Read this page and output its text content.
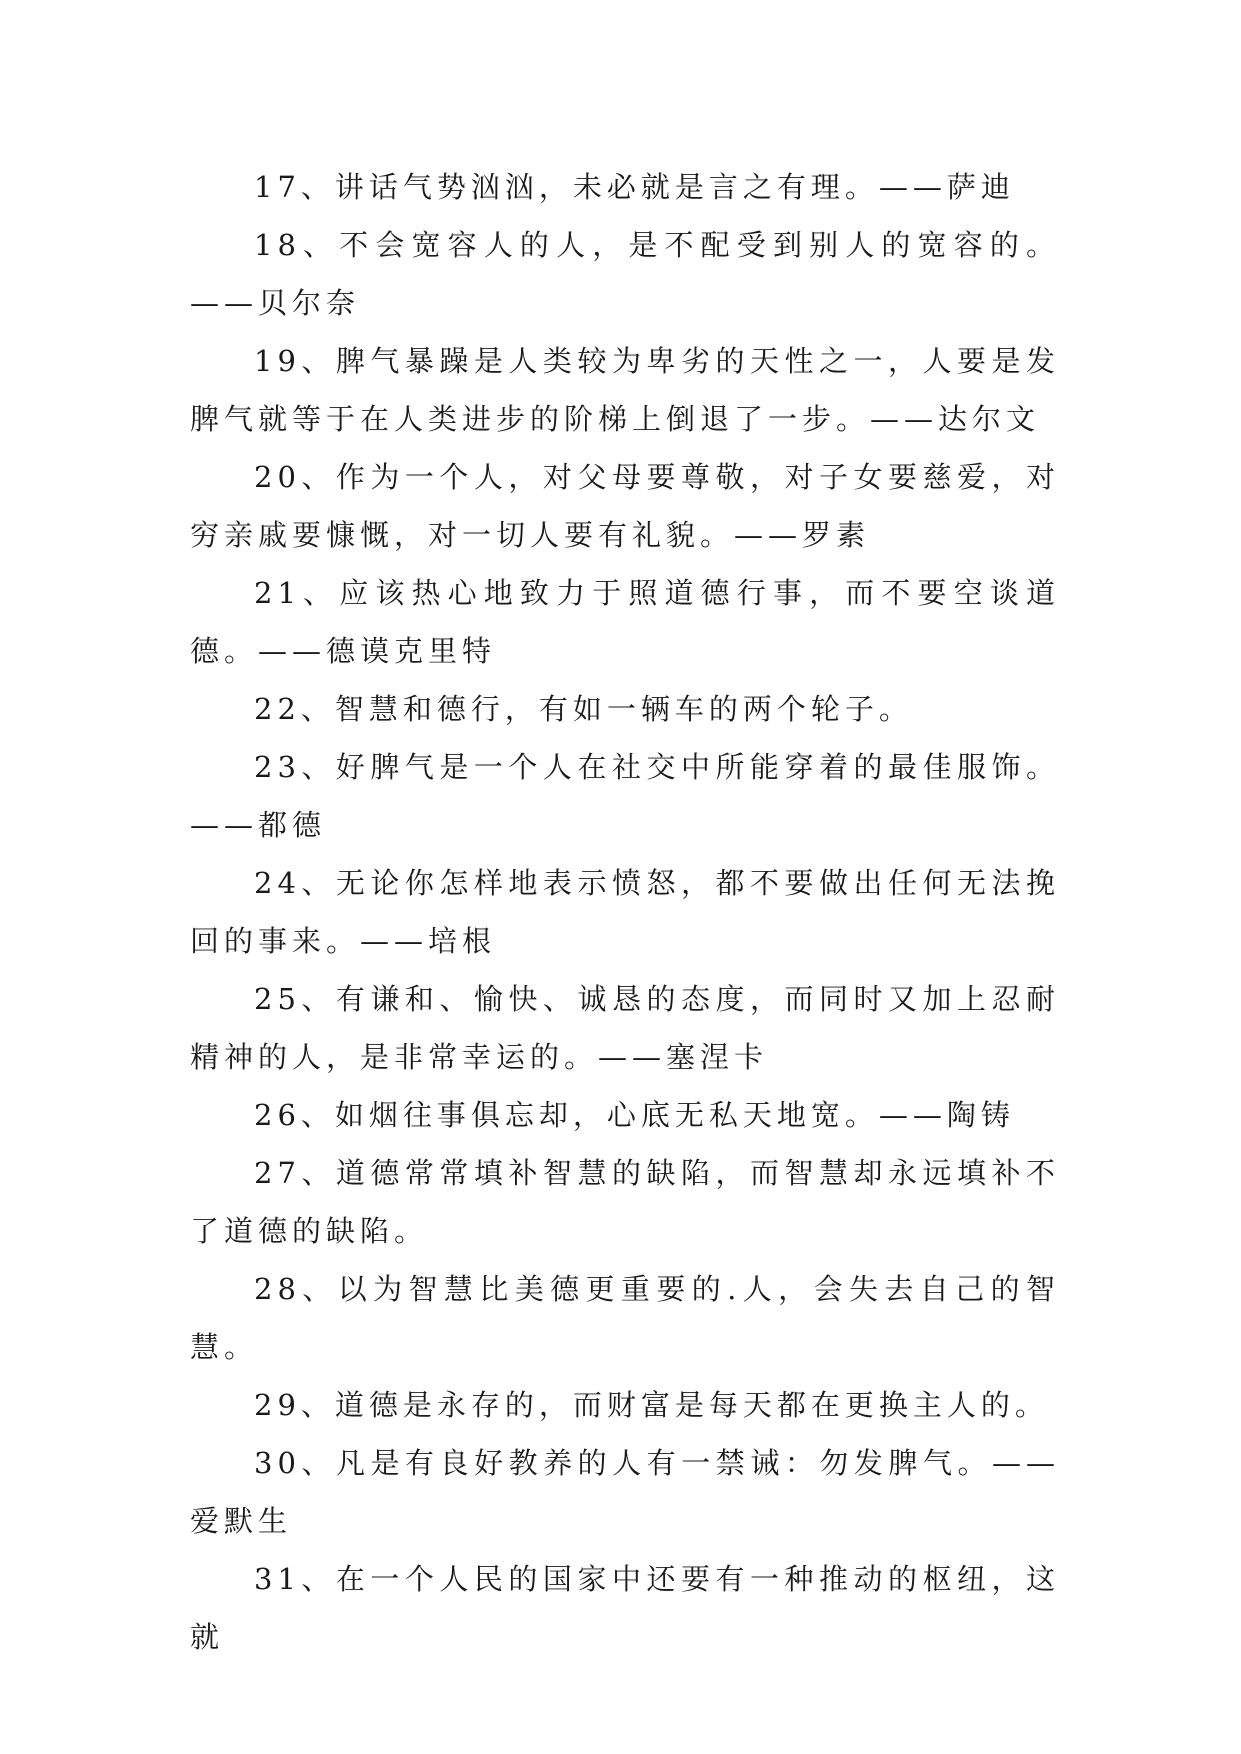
17、讲话气势汹汹，未必就是言之有理。——萨迪

18、不会宽容人的人，是不配受到别人的宽容的。——贝尔奈

19、脾气暴躁是人类较为卑劣的天性之一，人要是发脾气就等于在人类进步的阶梯上倒退了一步。——达尔文

20、作为一个人，对父母要尊敬，对子女要慈爱，对穷亲戚要慷慨，对一切人要有礼貌。——罗素

21、应该热心地致力于照道德行事，而不要空谈道德。——德谟克里特

22、智慧和德行，有如一辆车的两个轮子。

23、好脾气是一个人在社交中所能穿着的最佳服饰。——都德

24、无论你怎样地表示愤怒，都不要做出任何无法挽回的事来。——培根

25、有谦和、愉快、诚恳的态度，而同时又加上忍耐精神的人，是非常幸运的。——塞涅卡

26、如烟往事俱忘却，心底无私天地宽。——陶铸

27、道德常常填补智慧的缺陷，而智慧却永远填补不了道德的缺陷。

28、以为智慧比美德更重要的.人，会失去自己的智慧。

29、道德是永存的，而财富是每天都在更换主人的。

30、凡是有良好教养的人有一禁诫：勿发脾气。——爱默生

31、在一个人民的国家中还要有一种推动的枢纽，这就
